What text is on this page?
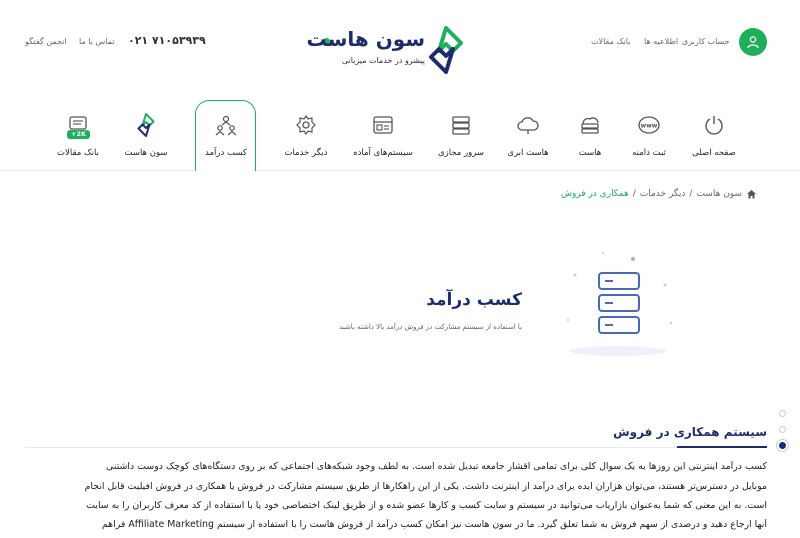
حساب کاربری
اطلاعیه ها
بانک مقالات
سون هاست
پیشرو در خدمات میزبانی
۰۲۱ ۷۱۰۵۳۹۳۹
تماس با ما
انجمن گفتگو
صفحه اصلی
www
ثبت دامنه
هاست
هاست ابری
سرور مجازی
سیستم‌های آماده
دیگر خدمات
کسب درآمد
سون هاست
+2K
بانک مقالات
سون هاست
/
دیگر خدمات
/
همکاری در فروش
کسب درآمد
با استفاده از سیستم مشارکت در فروش درآمد بالا داشته باشید
سیستم همکاری در فروش
کسب درآمد اینترنتی این روزها به یک سوال کلی برای تمامی اقشار جامعه تبدیل شده است. به لطف وجود شبکه‌های اجتماعی که بر روی دستگاه‌های کوچک دوست داشتنی
موبایل در دسترس‌تر هستند، می‌توان هزاران ایده برای درآمد از اینترنت داشت. یکی از این راهکارها از طریق سیستم مشارکت در فروش یا همکاری در فروش افیلیت قابل انجام
است. به این معنی که شما به‌عنوان بازاریاب می‌توانید در سیستم و سایت کسب و کارها عضو شده و از طریق لینک اختصاصی خود یا با استفاده از کد معرف کاربران را به سایت
آنها ارجاع دهید و درصدی از سهم فروش به شما تعلق گیرد. ما در سون هاست نیز امکان کسب درآمد از فروش هاست را با استفاده از سیستم Affiliate Marketing فراهم
